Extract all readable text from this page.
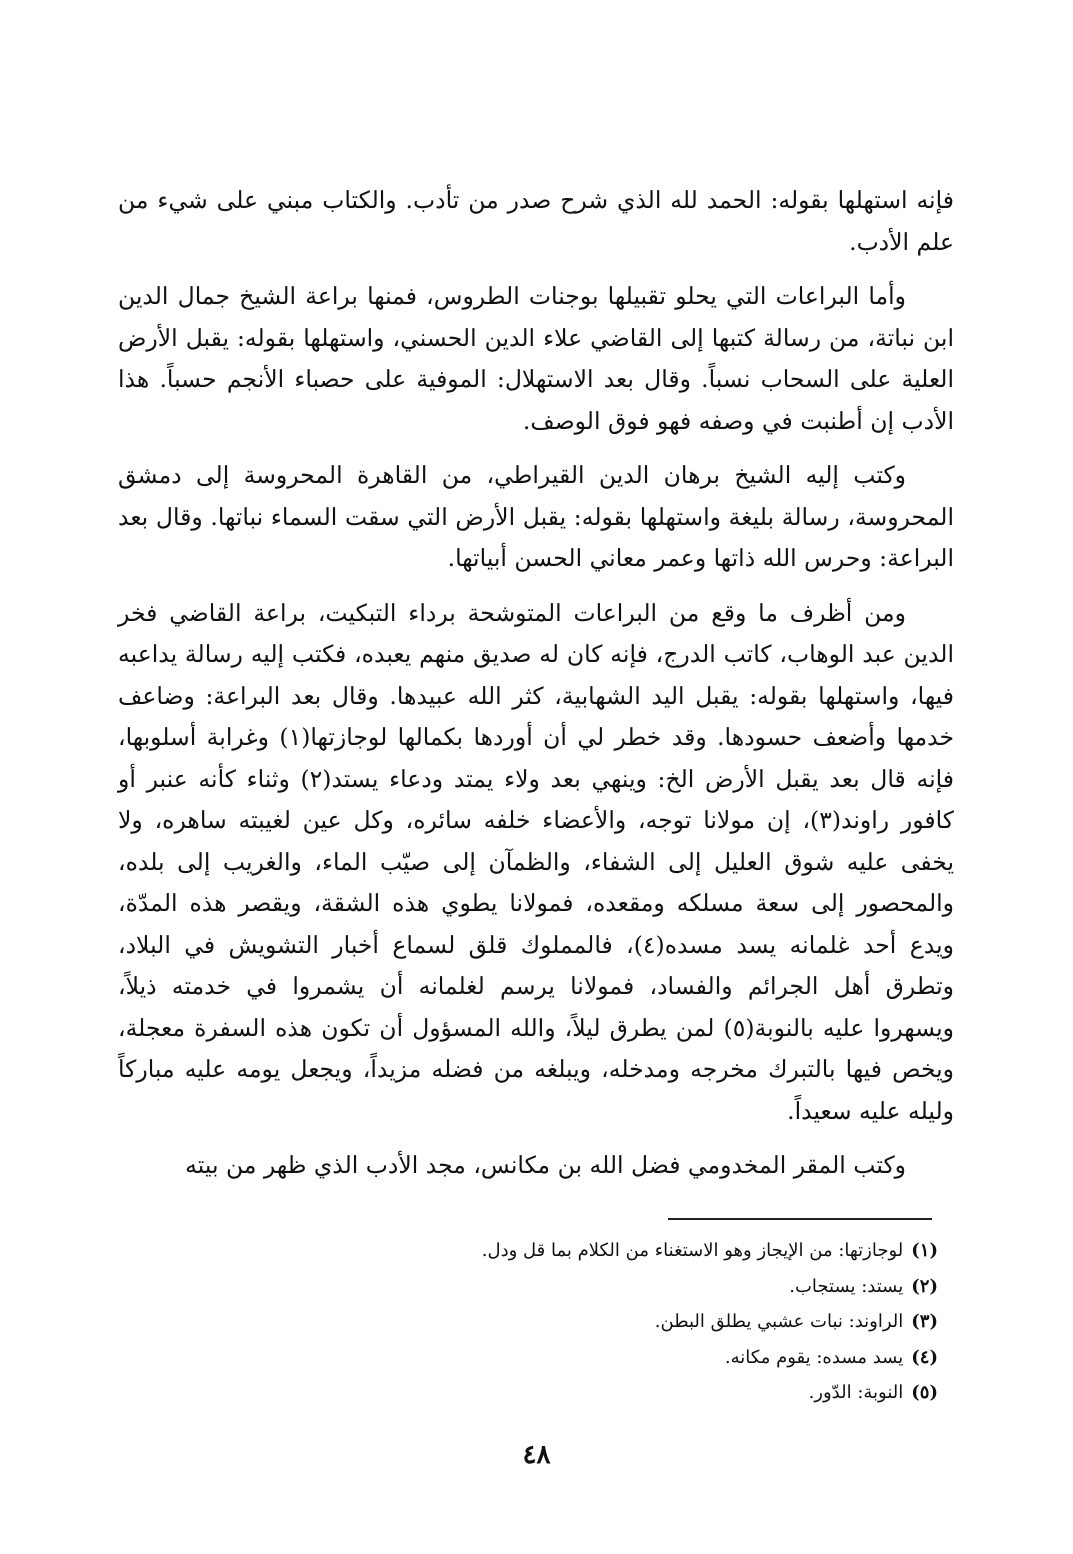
فإنه استهلها بقوله: الحمد لله الذي شرح صدر من تأدب. والكتاب مبني على شيء من علم الأدب.

وأما البراعات التي يحلو تقبيلها بوجنات الطروس، فمنها براعة الشيخ جمال الدين ابن نباتة، من رسالة كتبها إلى القاضي علاء الدين الحسني، واستهلها بقوله: يقبل الأرض العلية على السحاب نسباً. وقال بعد الاستهلال: الموفية على حصباء الأنجم حسباً. هذا الأدب إن أطنبت في وصفه فهو فوق الوصف.

وكتب إليه الشيخ برهان الدين القيراطي، من القاهرة المحروسة إلى دمشق المحروسة، رسالة بليغة واستهلها بقوله: يقبل الأرض التي سقت السماء نباتها. وقال بعد البراعة: وحرس الله ذاتها وعمر معاني الحسن أبياتها.

ومن أظرف ما وقع من البراعات المتوشحة برداء التبكيت، براعة القاضي فخر الدين عبد الوهاب، كاتب الدرج، فإنه كان له صديق منهم يعبده، فكتب إليه رسالة يداعبه فيها، واستهلها بقوله: يقبل اليد الشهابية، كثر الله عبيدها. وقال بعد البراعة: وضاعف خدمها وأضعف حسودها. وقد خطر لي أن أوردها بكمالها لوجازتها(١) وغرابة أسلوبها، فإنه قال بعد يقبل الأرض الخ: وينهي بعد ولاء يمتد ودعاء يستد(٢) وثناء كأنه عنبر أو كافور راوند(٣)، إن مولانا توجه، والأعضاء خلفه سائره، وكل عين لغيبته ساهره، ولا يخفى عليه شوق العليل إلى الشفاء، والظمآن إلى صيّب الماء، والغريب إلى بلده، والمحصور إلى سعة مسلكه ومقعده، فمولانا يطوي هذه الشقة، ويقصر هذه المدّة، ويدع أحد غلمانه يسد مسده(٤)، فالمملوك قلق لسماع أخبار التشويش في البلاد، وتطرق أهل الجرائم والفساد، فمولانا يرسم لغلمانه أن يشمروا في خدمته ذيلاً، ويسهروا عليه بالنوبة(٥) لمن يطرق ليلاً، والله المسؤول أن تكون هذه السفرة معجلة، ويخص فيها بالتبرك مخرجه ومدخله، ويبلغه من فضله مزيداً، ويجعل يومه عليه مباركاً وليله عليه سعيداً.

وكتب المقر المخدومي فضل الله بن مكانس، مجد الأدب الذي ظهر من بيته

(١)لوجازتها: من الإيجاز وهو الاستغناء من الكلام بما قل ودل.
(٢)يستد: يستجاب.
(٣)الراوند: نبات عشبي يطلق البطن.
(٤)يسد مسده: يقوم مكانه.
(٥)النوبة: الدّور.
٤٨
